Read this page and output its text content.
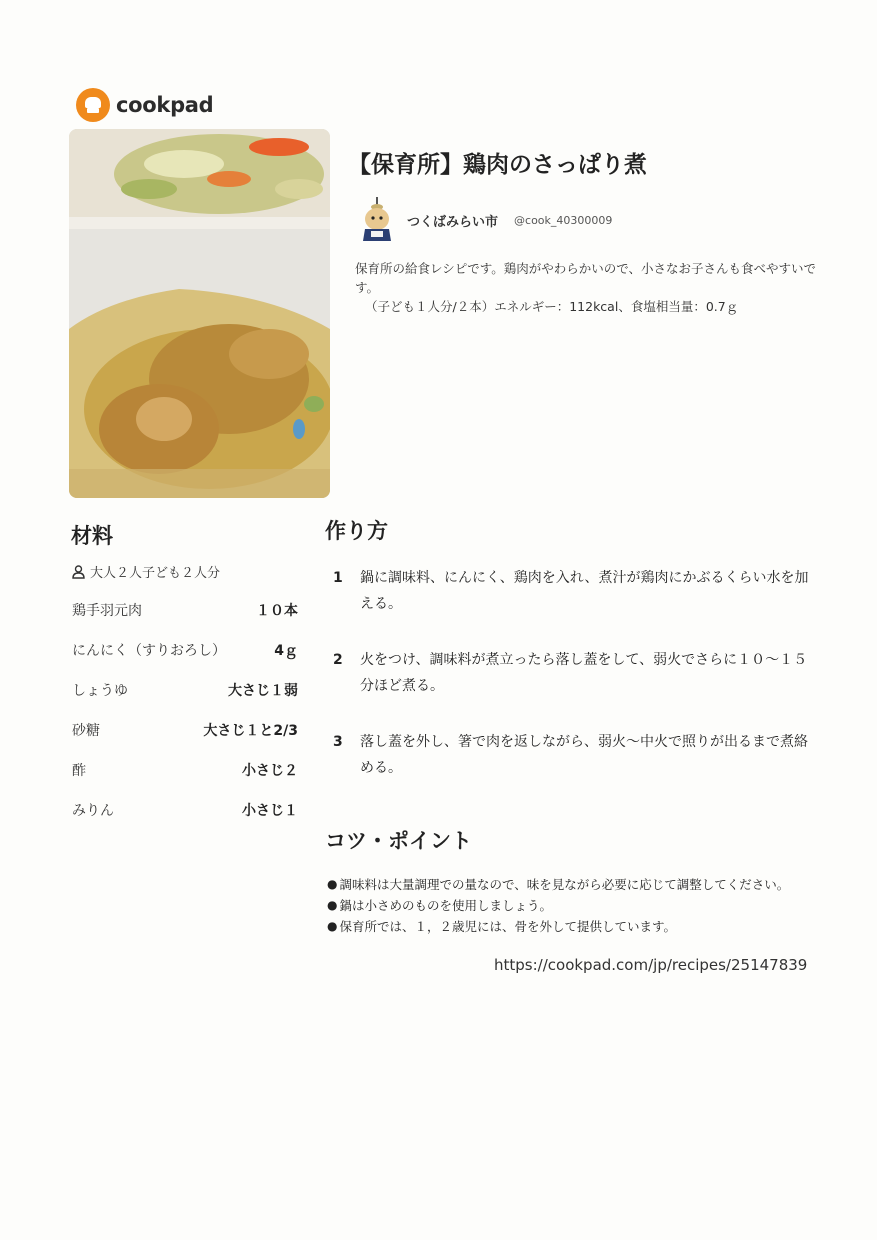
cookpad
【保育所】鶏肉のさっぱり煮
つくばみらい市 @cook_40300009

保育所の給食レシピです。鶏肉がやわらかいので、小さなお子さんも食べやすいです。

（子ども１人分/２本）エネルギー：112kcal、食塩相当量：0.7ｇ

材料
大人２人子ども２人分
鶏手羽元肉	１０本
にんにく（すりおろし）	4ｇ
しょうゆ	大さじ１弱
砂糖	大さじ１と2/3
酢	小さじ２
みりん	小さじ１
作り方
1	鍋に調味料、にんにく、鶏肉を入れ、煮汁が鶏肉にかぶるくらい水を加える。
2	火をつけ、調味料が煮立ったら落し蓋をして、弱火でさらに１０～１５分ほど煮る。
3	落し蓋を外し、箸で肉を返しながら、弱火～中火で照りが出るまで煮絡める。
コツ・ポイント
● 調味料は大量調理での量なので、味を見ながら必要に応じて調整してください。
● 鍋は小さめのものを使用しましょう。
● 保育所では、１，２歳児には、骨を外して提供しています。
https://cookpad.com/jp/recipes/25147839
